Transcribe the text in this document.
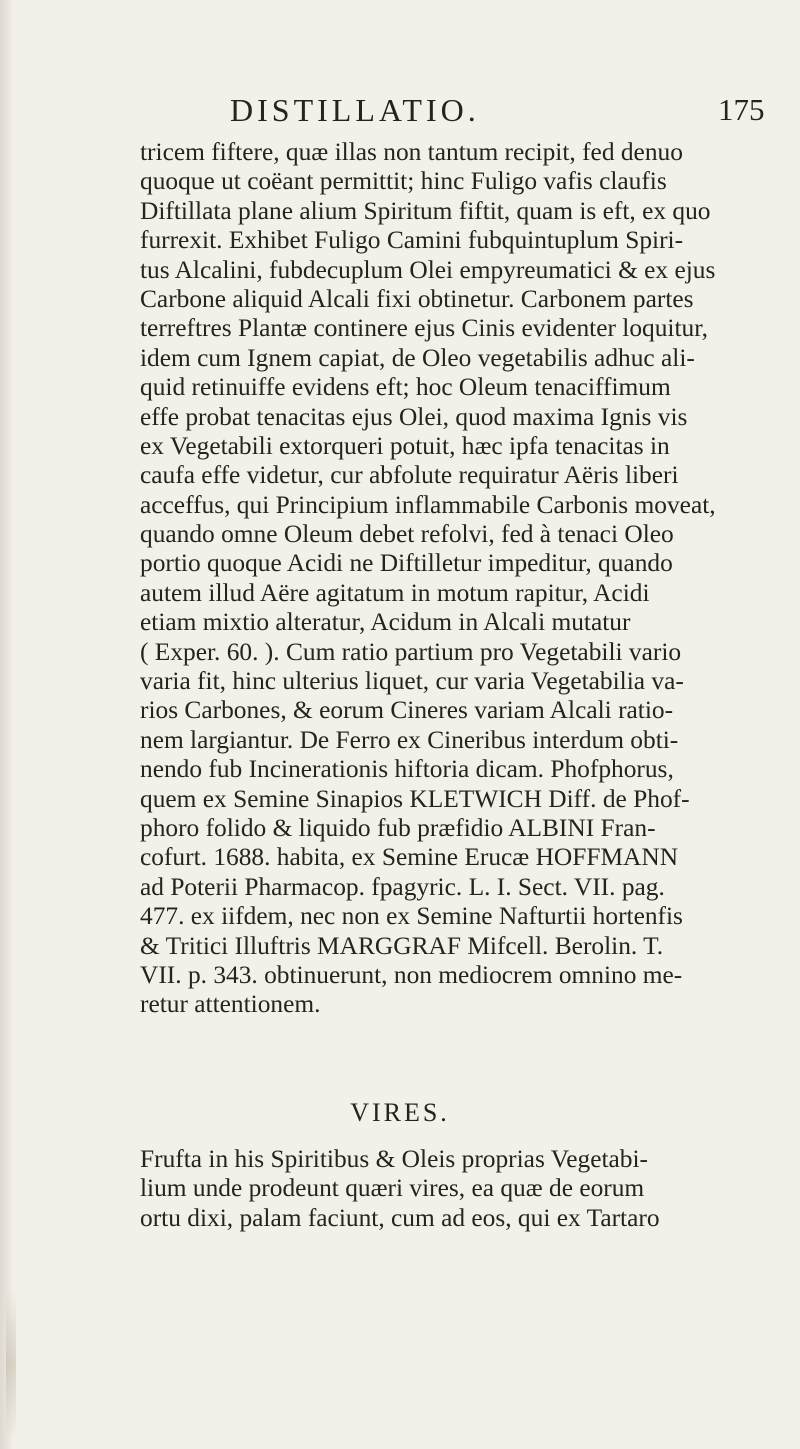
DISTILLATIO.	175
tricem fiftere, quæ illas non tantum recipit, fed denuo
quoque ut coëant permittit; hinc Fuligo vafis claufis
Diftillata plane alium Spiritum fiftit, quam is eft, ex quo
furrexit. Exhibet Fuligo Camini fubquintuplum Spiri-
tus Alcalini, fubdecuplum Olei empyreumatici & ex ejus
Carbone aliquid Alcali fixi obtinetur. Carbonem partes
terreftres Plantæ continere ejus Cinis evidenter loquitur,
idem cum Ignem capiat, de Oleo vegetabilis adhuc ali-
quid retinuiffe evidens eft; hoc Oleum tenaciffimum
effe probat tenacitas ejus Olei, quod maxima Ignis vis
ex Vegetabili extorqueri potuit, hæc ipfa tenacitas in
caufa effe videtur, cur abfolute requiratur Aëris liberi
acceffus, qui Principium inflammabile Carbonis moveat,
quando omne Oleum debet refolvi, fed à tenaci Oleo
portio quoque Acidi ne Diftilletur impeditur, quando
autem illud Aëre agitatum in motum rapitur, Acidi
etiam mixtio alteratur, Acidum in Alcali mutatur
( Exper. 60. ). Cum ratio partium pro Vegetabili vario
varia fit, hinc ulterius liquet, cur varia Vegetabilia va-
rios Carbones, & eorum Cineres variam Alcali ratio-
nem largiantur. De Ferro ex Cineribus interdum obti-
nendo fub Incinerationis hiftoria dicam. Phofphorus,
quem ex Semine Sinapios KLETWICH Diff. de Phof-
phoro folido & liquido fub præfidio ALBINI Fran-
cofurt. 1688. habita, ex Semine Erucæ HOFFMANN
ad Poterii Pharmacop. fpagyric. L. I. Sect. VII. pag.
477. ex iifdem, nec non ex Semine Nafturtii hortenfis
& Tritici Illuftris MARGGRAF Mifcell. Berolin. T.
VII. p. 343. obtinuerunt, non mediocrem omnino me-
retur attentionem.
VIRES.
Frufta in his Spiritibus & Oleis proprias Vegetabi-
lium unde prodeunt quæri vires, ea quæ de eorum
ortu dixi, palam faciunt, cum ad eos, qui ex Tartaro
